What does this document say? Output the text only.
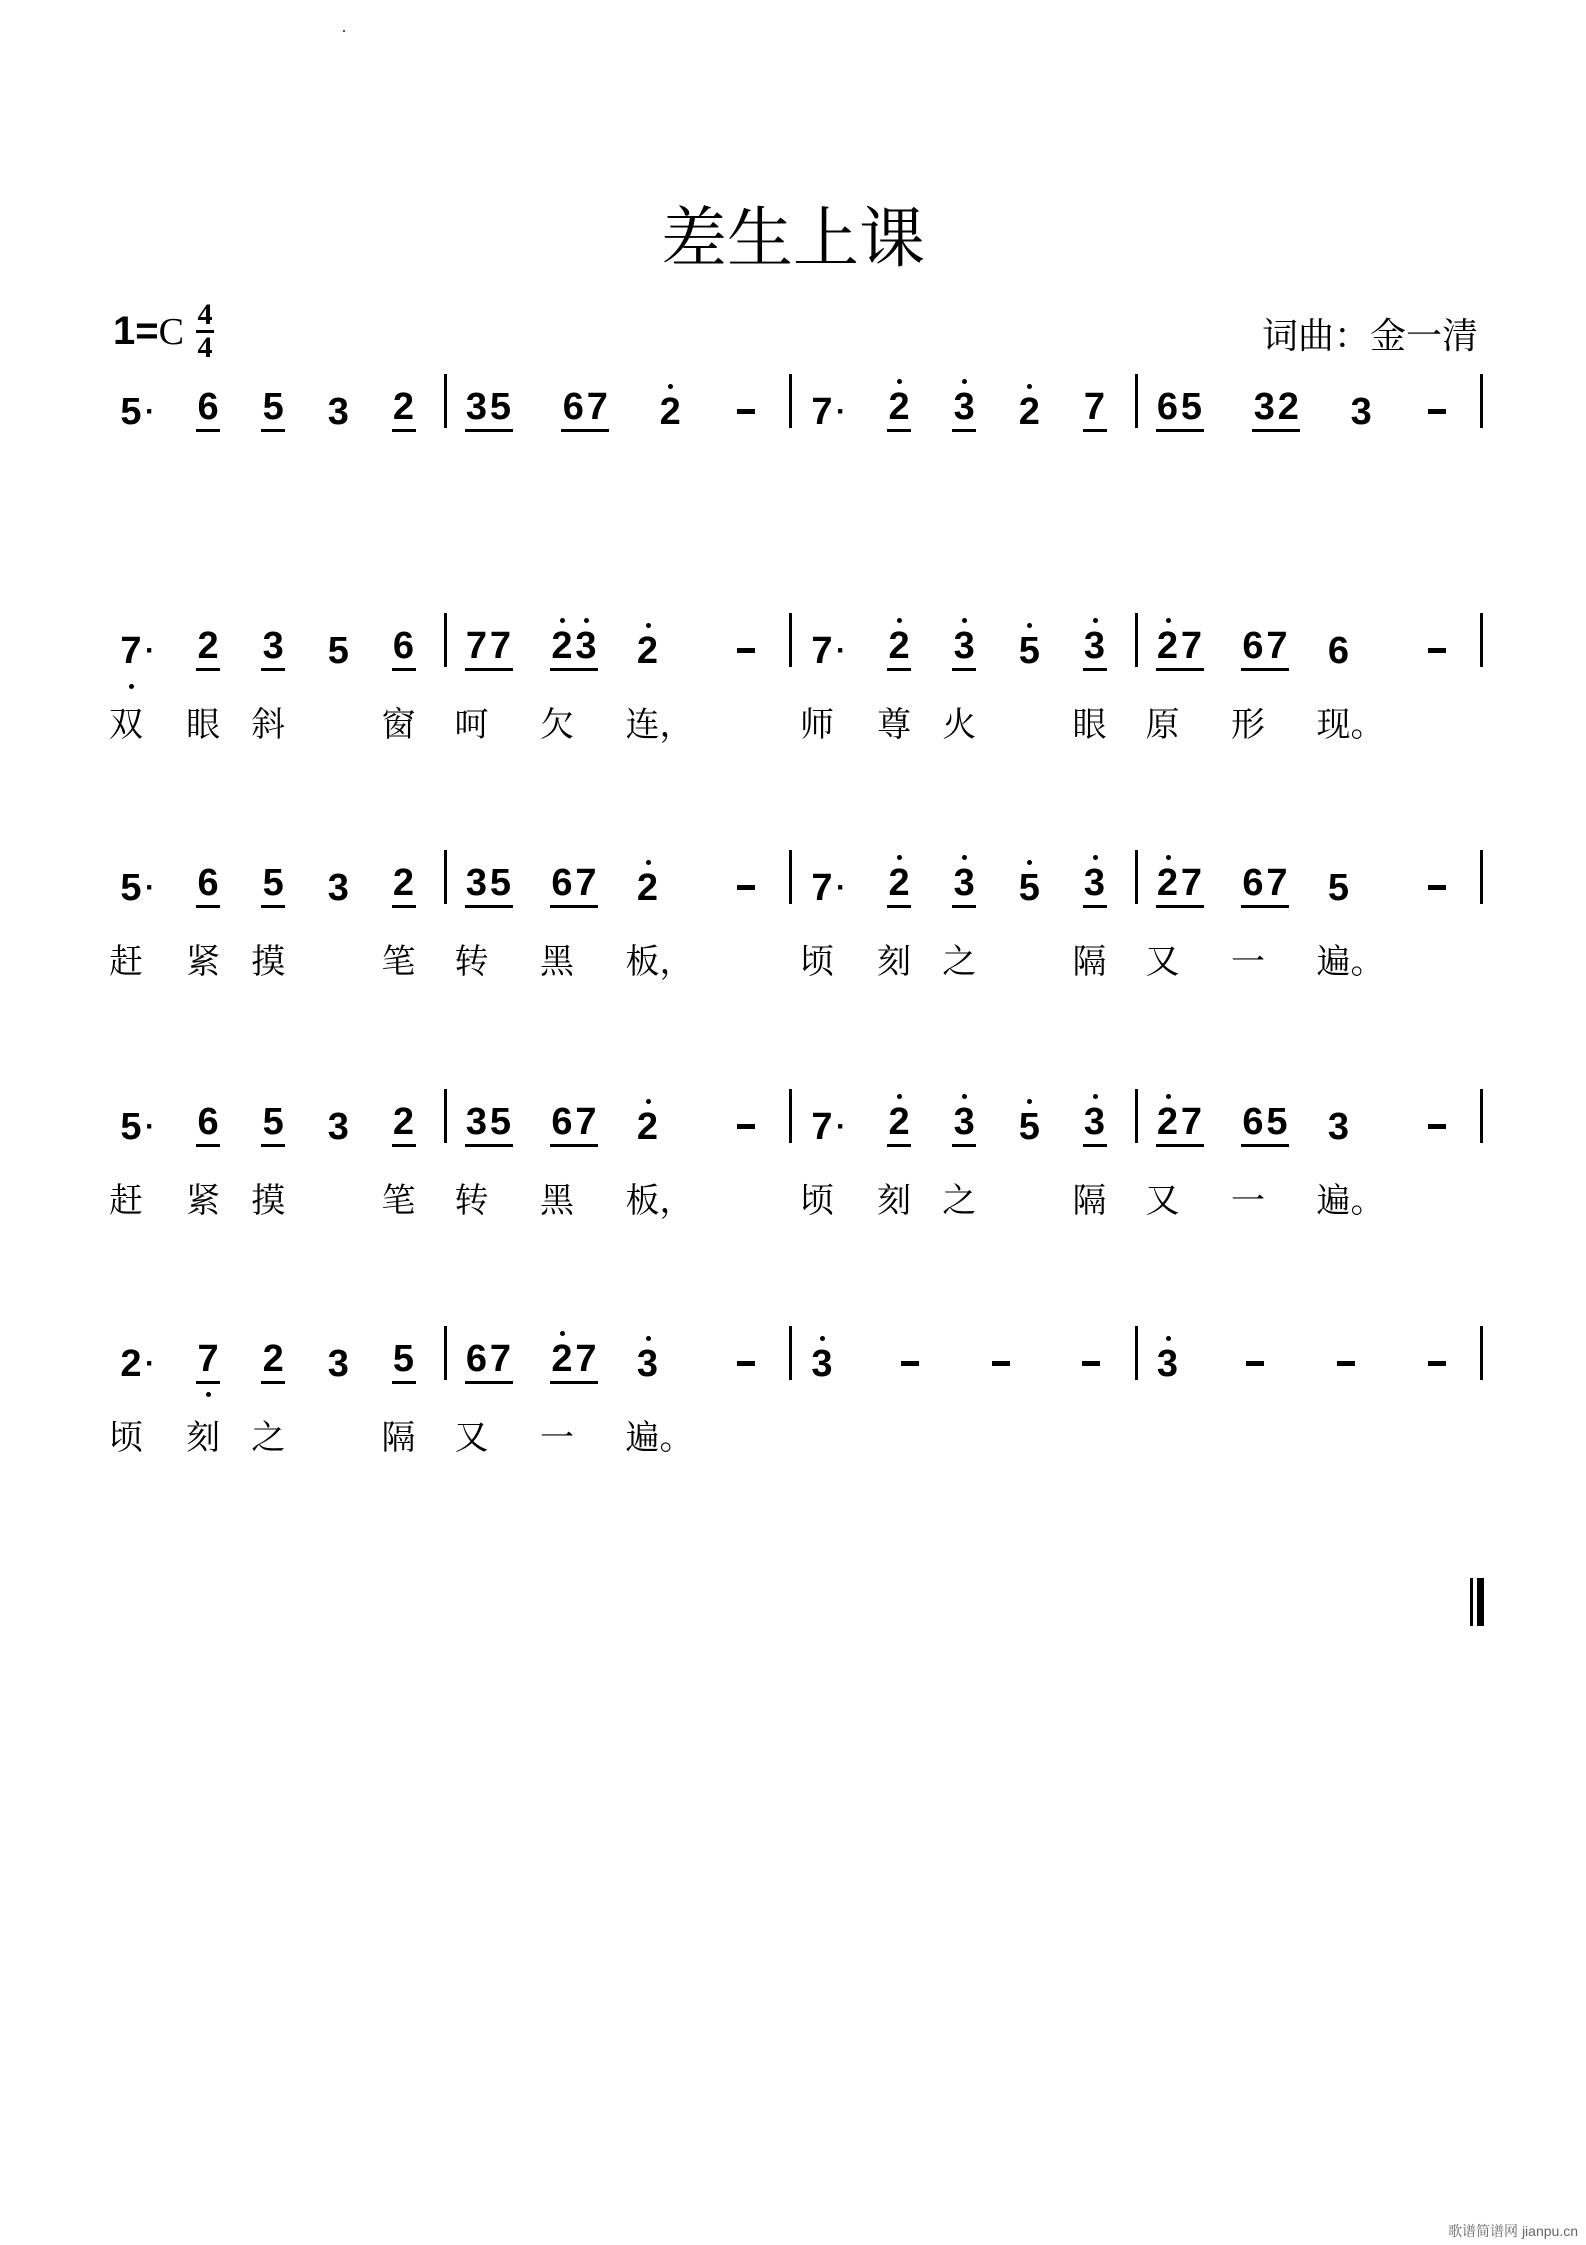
差生上课
1 = C $\frac{4}{4}$	词曲：金一清
5 · 6 5 3 2 3 5 6 7 2	7 · 2 3 2 7 6 5 3 2 3
7 ·
双
2
眼
3
斜
5 6
窗
7 7
呵
2 3
欠
2
连，
7 ·
师
2
尊
3
火
5 3
眼
2 7
原
6 7
形
6
现。
5 ·
赶
6
紧
5
摸
3 2
笔
3 5
转
6 7
黑
2
板，
7 ·
顷
2
刻
3
之
5 3
隔
2 7
又
6 7
一
5
遍。
5 ·
赶
6
紧
5
摸
3 2
笔
3 5
转
6 7
黑
2
板，
7 ·
顷
2
刻
3
之
5 3
隔
2 7
又
6 5
一
3
遍。
2 ·
顷
7
刻
2
之
3 5
隔
6 7
又
2 7
一
3
遍。
3	3
歌谱简谱网 jianpu.cn
